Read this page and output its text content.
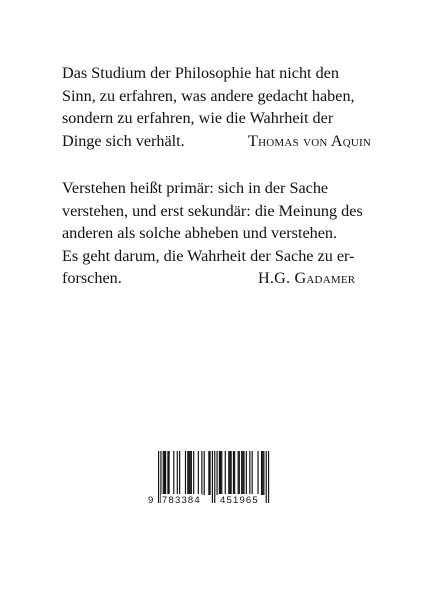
Das Studium der Philosophie hat nicht den
Sinn, zu erfahren, was andere gedacht haben,
sondern zu erfahren, wie die Wahrheit der
Dinge sich verhält.	Thomas von Aquin
Verstehen heißt primär: sich in der Sache
verstehen, und erst sekundär: die Meinung des
anderen als solche abheben und verstehen.
Es geht darum, die Wahrheit der Sache zu er-
forschen.	H.G. Gadamer
9 783384 451965
